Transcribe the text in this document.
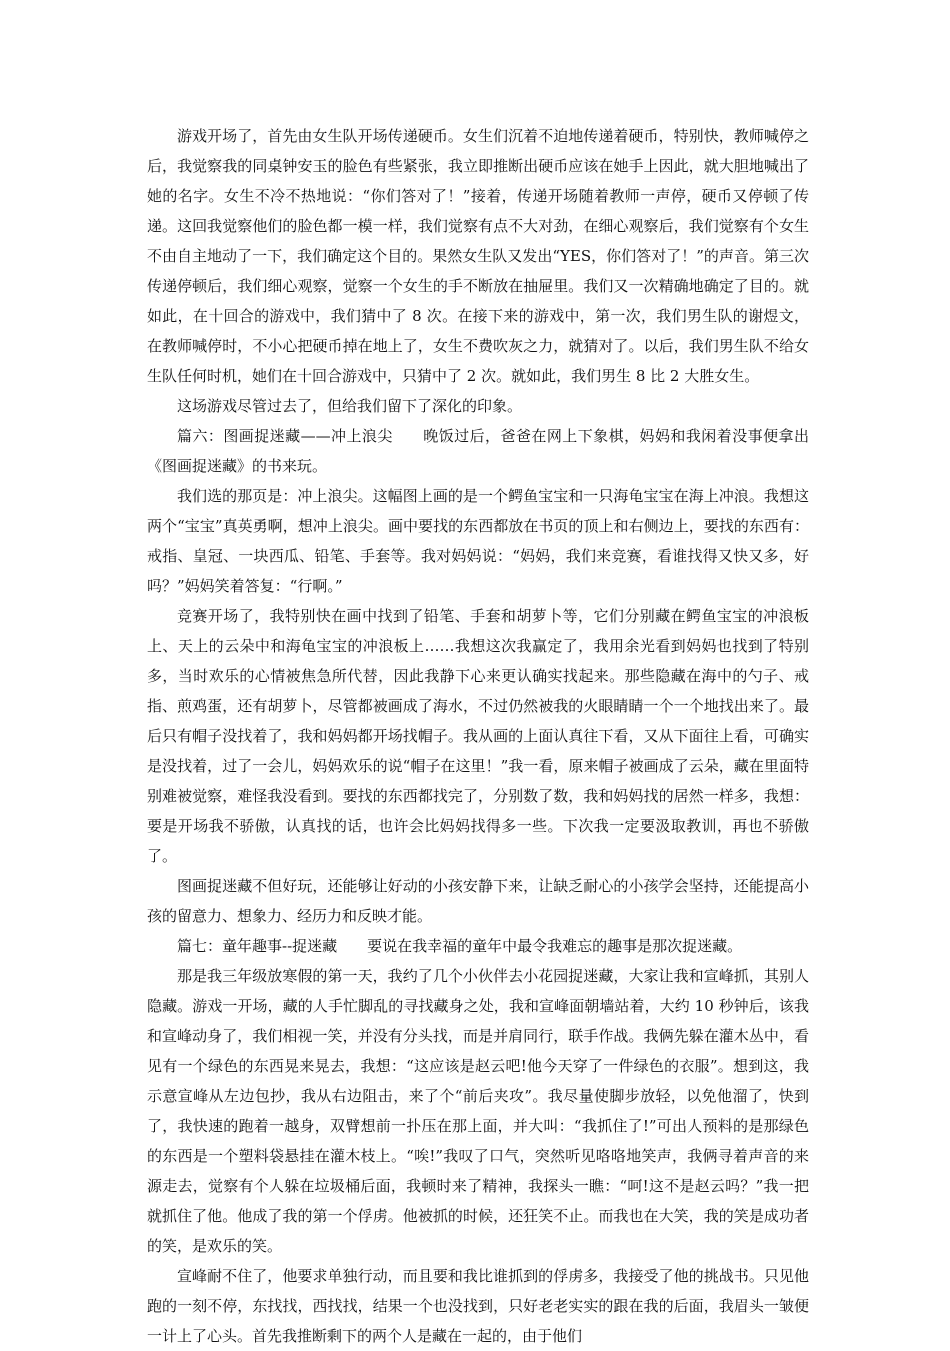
游戏开场了，首先由女生队开场传递硬币。女生们沉着不迫地传递着硬币，特别快，教师喊停之后，我觉察我的同桌钟安玉的脸色有些紧张，我立即推断出硬币应该在她手上因此，就大胆地喊出了她的名字。女生不冷不热地说：“你们答对了！”接着，传递开场随着教师一声停，硬币又停顿了传递。这回我觉察他们的脸色都一模一样，我们觉察有点不大对劲，在细心观察后，我们觉察有个女生不由自主地动了一下，我们确定这个目的。果然女生队又发出“YES，你们答对了！”的声音。第三次传递停顿后，我们细心观察，觉察一个女生的手不断放在抽屉里。我们又一次精确地确定了目的。就如此，在十回合的游戏中，我们猜中了 8 次。在接下来的游戏中，第一次，我们男生队的谢煜文，在教师喊停时，不小心把硬币掉在地上了，女生不费吹灰之力，就猜对了。以后，我们男生队不给女生队任何时机，她们在十回合游戏中，只猜中了 2 次。就如此，我们男生 8 比 2 大胜女生。

这场游戏尽管过去了，但给我们留下了深化的印象。

篇六：图画捉迷藏——冲上浪尖 晚饭过后，爸爸在网上下象棋，妈妈和我闲着没事便拿出《图画捉迷藏》的书来玩。

我们选的那页是：冲上浪尖。这幅图上画的是一个鳄鱼宝宝和一只海龟宝宝在海上冲浪。我想这两个“宝宝”真英勇啊，想冲上浪尖。画中要找的东西都放在书页的顶上和右侧边上，要找的东西有：戒指、皇冠、一块西瓜、铅笔、手套等。我对妈妈说：“妈妈，我们来竞赛，看谁找得又快又多，好吗？”妈妈笑着答复：“行啊。”

竞赛开场了，我特别快在画中找到了铅笔、手套和胡萝卜等，它们分别藏在鳄鱼宝宝的冲浪板上、天上的云朵中和海龟宝宝的冲浪板上……我想这次我赢定了，我用余光看到妈妈也找到了特别多，当时欢乐的心情被焦急所代替，因此我静下心来更认确实找起来。那些隐藏在海中的勺子、戒指、煎鸡蛋，还有胡萝卜，尽管都被画成了海水，不过仍然被我的火眼睛睛一个一个地找出来了。最后只有帽子没找着了，我和妈妈都开场找帽子。我从画的上面认真往下看，又从下面往上看，可确实是没找着，过了一会儿，妈妈欢乐的说“帽子在这里！”我一看，原来帽子被画成了云朵，藏在里面特别难被觉察，难怪我没看到。要找的东西都找完了，分别数了数，我和妈妈找的居然一样多，我想：要是开场我不骄傲，认真找的话，也许会比妈妈找得多一些。下次我一定要汲取教训，再也不骄傲了。

图画捉迷藏不但好玩，还能够让好动的小孩安静下来，让缺乏耐心的小孩学会坚持，还能提高小孩的留意力、想象力、经历力和反映才能。

篇七：童年趣事--捉迷藏 要说在我幸福的童年中最令我难忘的趣事是那次捉迷藏。

那是我三年级放寒假的第一天，我约了几个小伙伴去小花园捉迷藏，大家让我和宣峰抓，其别人隐藏。游戏一开场，藏的人手忙脚乱的寻找藏身之处，我和宣峰面朝墙站着，大约 10 秒钟后，该我和宣峰动身了，我们相视一笑，并没有分头找，而是并肩同行，联手作战。我俩先躲在灌木丛中，看见有一个绿色的东西晃来晃去，我想：“这应该是赵云吧!他今天穿了一件绿色的衣服”。想到这，我示意宣峰从左边包抄，我从右边阻击，来了个“前后夹攻”。我尽量使脚步放轻，以免他溜了，快到了，我快速的跑着一越身，双臂想前一扑压在那上面，并大叫：“我抓住了!”可出人预料的是那绿色的东西是一个塑料袋悬挂在灌木枝上。“唉!”我叹了口气，突然听见咯咯地笑声，我俩寻着声音的来源走去，觉察有个人躲在垃圾桶后面，我顿时来了精神，我探头一瞧：“呵!这不是赵云吗？”我一把就抓住了他。他成了我的第一个俘虏。他被抓的时候，还狂笑不止。而我也在大笑，我的笑是成功者的笑，是欢乐的笑。

宣峰耐不住了，他要求单独行动，而且要和我比谁抓到的俘虏多，我接受了他的挑战书。只见他跑的一刻不停，东找找，西找找，结果一个也没找到，只好老老实实的跟在我的后面，我眉头一皱便一计上了心头。首先我推断剩下的两个人是藏在一起的，由于他们
